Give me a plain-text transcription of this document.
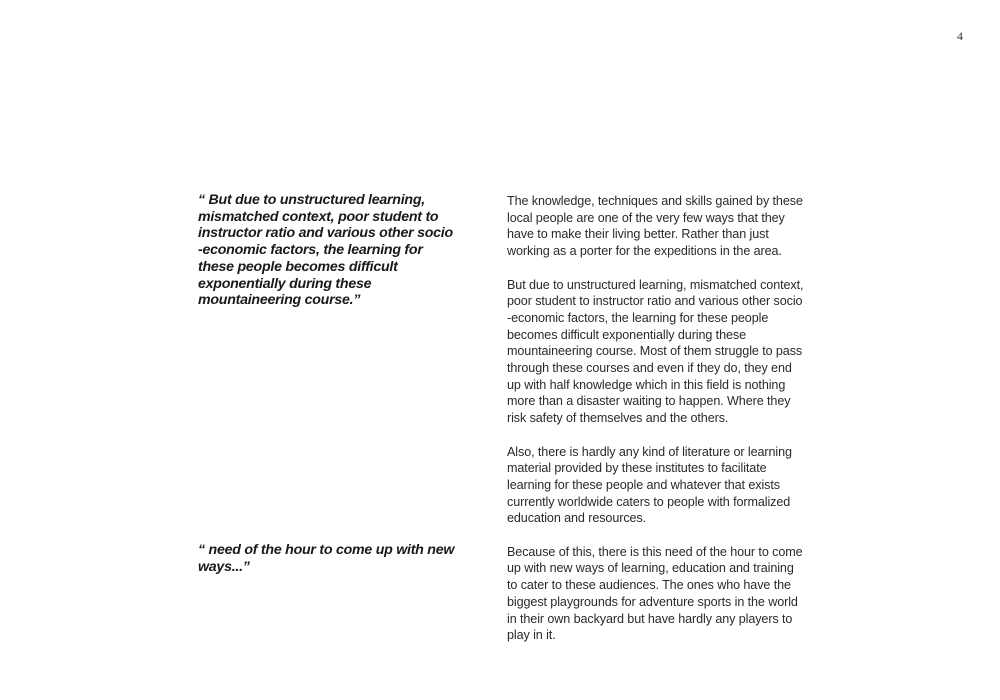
4

“ But due to unstructured learning, mismatched context, poor student to instructor ratio and various other socio -economic factors, the learning for these people becomes difficult exponentially during these mountaineering course.”

“ need of the hour to come up with new ways...”

The knowledge, techniques and skills gained by these local people are one of the very few ways that they have to make their living better. Rather than just working as a porter for the expeditions in the area.

But due to unstructured learning, mismatched context, poor student to instructor ratio and various other socio -economic factors, the learning for these people becomes difficult exponentially during these mountaineering course. Most of them struggle to pass through these courses and even if they do, they end up with half knowledge which in this field is nothing more than a disaster waiting to happen. Where they risk safety of themselves and the others.

Also, there is hardly any kind of literature or learning material provided by these institutes to facilitate learning for these people and whatever that exists currently worldwide caters to people with formalized education and resources.

Because of this, there is this need of the hour to come up with new ways of learning, education and training to cater to these audiences. The ones who have the biggest playgrounds for adventure sports in the world in their own backyard but have hardly any players to play in it.
